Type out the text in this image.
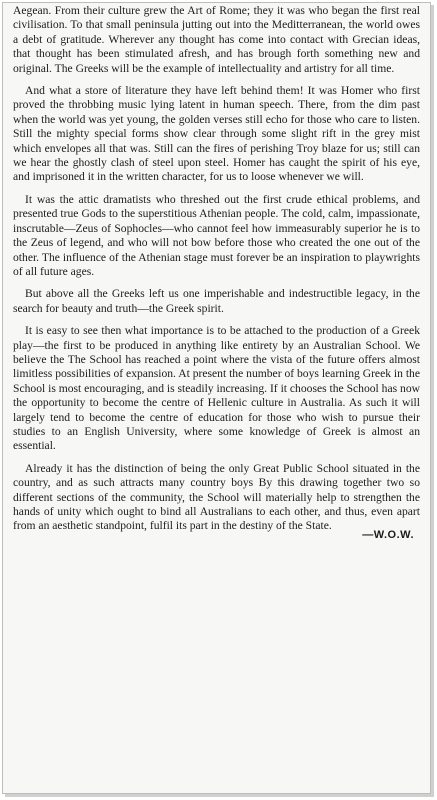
Aegean. From their culture grew the Art of Rome; they it was who began the first real civilisation. To that small peninsula jutting out into the Meditterranean, the world owes a debt of gratitude. Wherever any thought has come into contact with Grecian ideas, that thought has been stimulated afresh, and has brough forth something new and original. The Greeks will be the example of intellectuality and artistry for all time.

And what a store of literature they have left behind them! It was Homer who first proved the throbbing music lying latent in human speech. There, from the dim past when the world was yet young, the golden verses still echo for those who care to listen. Still the mighty special forms show clear through some slight rift in the grey mist which envelopes all that was. Still can the fires of perishing Troy blaze for us; still can we hear the ghostly clash of steel upon steel. Homer has caught the spirit of his eye, and imprisoned it in the written character, for us to loose whenever we will.

It was the attic dramatists who threshed out the first crude ethical problems, and presented true Gods to the superstitious Athenian people. The cold, calm, impassionate, inscrutable—Zeus of Sophocles—who cannot feel how immeasurably superior he is to the Zeus of legend, and who will not bow before those who created the one out of the other. The influence of the Athenian stage must forever be an inspiration to playwrights of all future ages.

But above all the Greeks left us one imperishable and indestructible legacy, in the search for beauty and truth—the Greek spirit.

It is easy to see then what importance is to be attached to the production of a Greek play—the first to be produced in anything like entirety by an Australian School. We believe the The School has reached a point where the vista of the future offers almost limitless possibilities of expansion. At present the number of boys learning Greek in the School is most encouraging, and is steadily increasing. If it chooses the School has now the opportunity to become the centre of Hellenic culture in Australia. As such it will largely tend to become the centre of education for those who wish to pursue their studies to an English University, where some knowledge of Greek is almost an essential.

Already it has the distinction of being the only Great Public School situated in the country, and as such attracts many country boys By this drawing together two so different sections of the community, the School will materially help to strengthen the hands of unity which ought to bind all Australians to each other, and thus, even apart from an aesthetic standpoint, fulfil its part in the destiny of the State.

—W.O.W.
